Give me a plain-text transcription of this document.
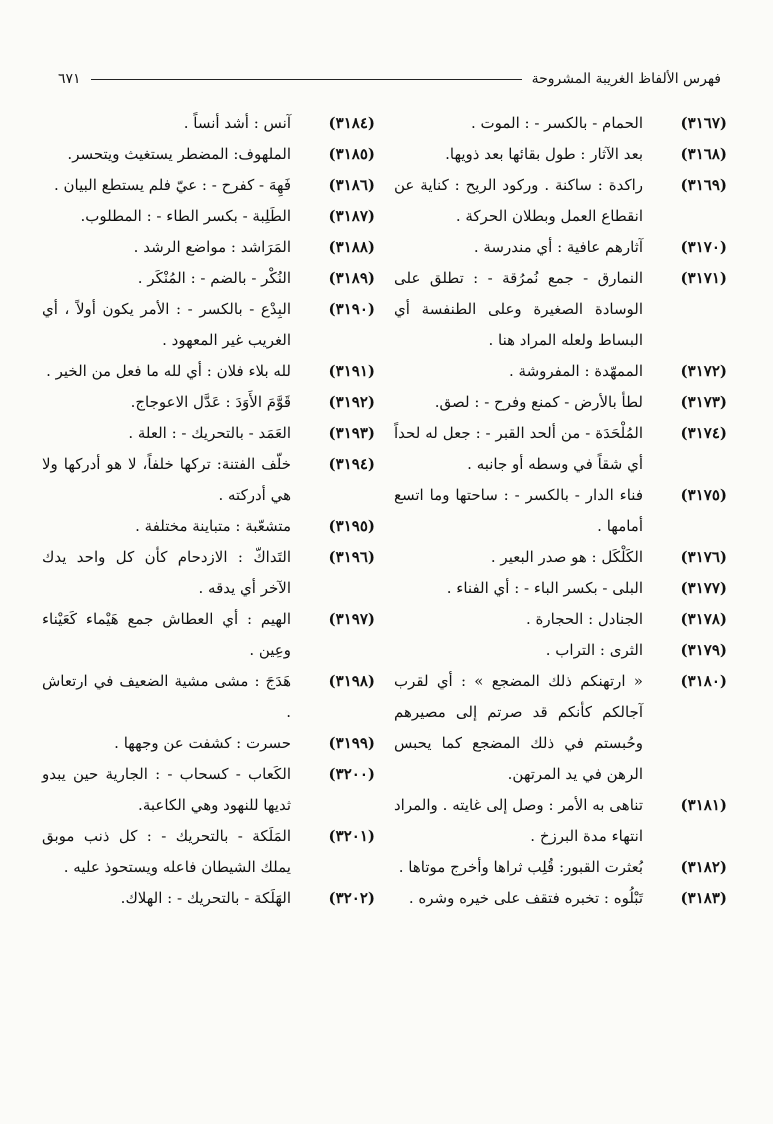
فهرس الألفاظ الغريبة المشروحة
٦٧١
(٣١٦٧)
الحمام - بالكسر - : الموت .
(٣١٦٨)
بعد الآثار : طول بقائها بعد ذويها.
(٣١٦٩)
راكدة : ساكنة . وركود الريح : كناية عن انقطاع العمل وبطلان الحركة .
(٣١٧٠)
آثارهم عافية : أي مندرسة .
(٣١٧١)
النمارق - جمع نُمرُقة - : تطلق على الوسادة الصغيرة وعلى الطنفسة أي البساط ولعله المراد هنا .
(٣١٧٢)
الممهّدة : المفروشة .
(٣١٧٣)
لطأ بالأرض - كمنع وفرح - : لصق.
(٣١٧٤)
المُلْحَدَة - من ألحد القبر - : جعل له لحداً أي شقاً في وسطه أو جانبه .
(٣١٧٥)
فناء الدار - بالكسر - : ساحتها وما اتسع أمامها .
(٣١٧٦)
الكَلْكَل : هو صدر البعير .
(٣١٧٧)
البلى - بكسر الباء - : أي الفناء .
(٣١٧٨)
الجنادل : الحجارة .
(٣١٧٩)
الثرى : التراب .
(٣١٨٠)
« ارتهنكم ذلك المضجع » : أي لقرب آجالكم كأنكم قد صرتم إلى مصيرهم وحُبستم في ذلك المضجع كما يحبس الرهن في يد المرتهن.
(٣١٨١)
تناهى به الأمر : وصل إلى غايته . والمراد انتهاء مدة البرزخ .
(٣١٨٢)
بُعثرت القبور: قُلِب ثراها وأخرج موتاها .
(٣١٨٣)
تَبْلُوه : تخبره فتقف على خيره وشره .
(٣١٨٤)
آنس : أشد أنساً .
(٣١٨٥)
الملهوف: المضطر يستغيث ويتحسر.
(٣١٨٦)
فَهِهَ - كفرح - : عيّ فلم يستطع البيان .
(٣١٨٧)
الطَلِبة - بكسر الطاء - : المطلوب.
(٣١٨٨)
المَرَاشد : مواضع الرشد .
(٣١٨٩)
النُكْر - بالضم - : المُنْكَر .
(٣١٩٠)
البِدْع - بالكسر - : الأمر يكون أولاً ، أي الغريب غير المعهود .
(٣١٩١)
لله بلاء فلان : أي لله ما فعل من الخير .
(٣١٩٢)
قَوَّمَ الأَوَدَ : عَدَّل الاعوجاج.
(٣١٩٣)
العَمَد - بالتحريك - : العلة .
(٣١٩٤)
خلّف الفتنة: تركها خلفاً، لا هو أدركها ولا هي أدركته .
(٣١٩٥)
متشعّبة : متباينة مختلفة .
(٣١٩٦)
التَداكّ : الازدحام كأن كل واحد يدك الآخر أي يدقه .
(٣١٩٧)
الهيم : أي العطاش جمع هَيْماء كَعَيْناء وعِين .
(٣١٩٨)
هَدَجَ : مشى مشية الضعيف في ارتعاش .
(٣١٩٩)
حسرت : كشفت عن وجهها .
(٣٢٠٠)
الكَعاب - كسحاب - : الجارية حين يبدو ثديها للنهود وهي الكاعبة.
(٣٢٠١)
المَلَكة - بالتحريك - : كل ذنب موبق يملك الشيطان فاعله ويستحوذ عليه .
(٣٢٠٢)
الهَلَكة - بالتحريك - : الهلاك.
